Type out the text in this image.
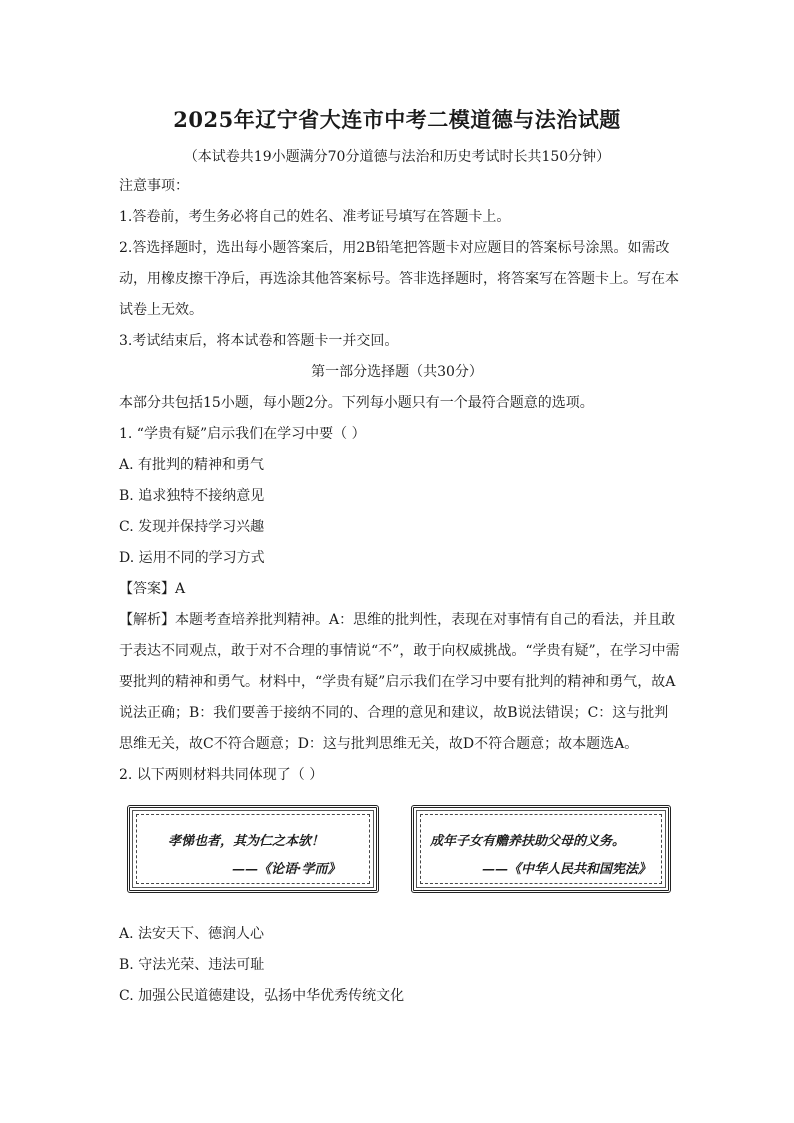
2025年辽宁省大连市中考二模道德与法治试题
（本试卷共19小题满分70分道德与法治和历史考试时长共150分钟）
注意事项：
1.答卷前，考生务必将自己的姓名、准考证号填写在答题卡上。
2.答选择题时，选出每小题答案后，用2B铅笔把答题卡对应题目的答案标号涂黑。如需改
动，用橡皮擦干净后，再选涂其他答案标号。答非选择题时，将答案写在答题卡上。写在本
试卷上无效。
3.考试结束后，将本试卷和答题卡一并交回。
第一部分选择题（共30分）
本部分共包括15小题，每小题2分。下列每小题只有一个最符合题意的选项。
1. “学贵有疑”启示我们在学习中要（ ）
A. 有批判的精神和勇气
B. 追求独特不接纳意见
C. 发现并保持学习兴趣
D. 运用不同的学习方式
【答案】A
【解析】本题考查培养批判精神。A：思维的批判性，表现在对事情有自己的看法，并且敢
于表达不同观点，敢于对不合理的事情说“不”，敢于向权威挑战。“学贵有疑”，在学习中需
要批判的精神和勇气。材料中，“学贵有疑”启示我们在学习中要有批判的精神和勇气，故A
说法正确；B：我们要善于接纳不同的、合理的意见和建议，故B说法错误；C：这与批判
思维无关，故C不符合题意；D：这与批判思维无关，故D不符合题意；故本题选A。
2. 以下两则材料共同体现了（ ）
孝悌也者，其为仁之本欤！
——《论语·学而》
成年子女有赡养扶助父母的义务。
——《中华人民共和国宪法》
A. 法安天下、德润人心
B. 守法光荣、违法可耻
C. 加强公民道德建设，弘扬中华优秀传统文化
